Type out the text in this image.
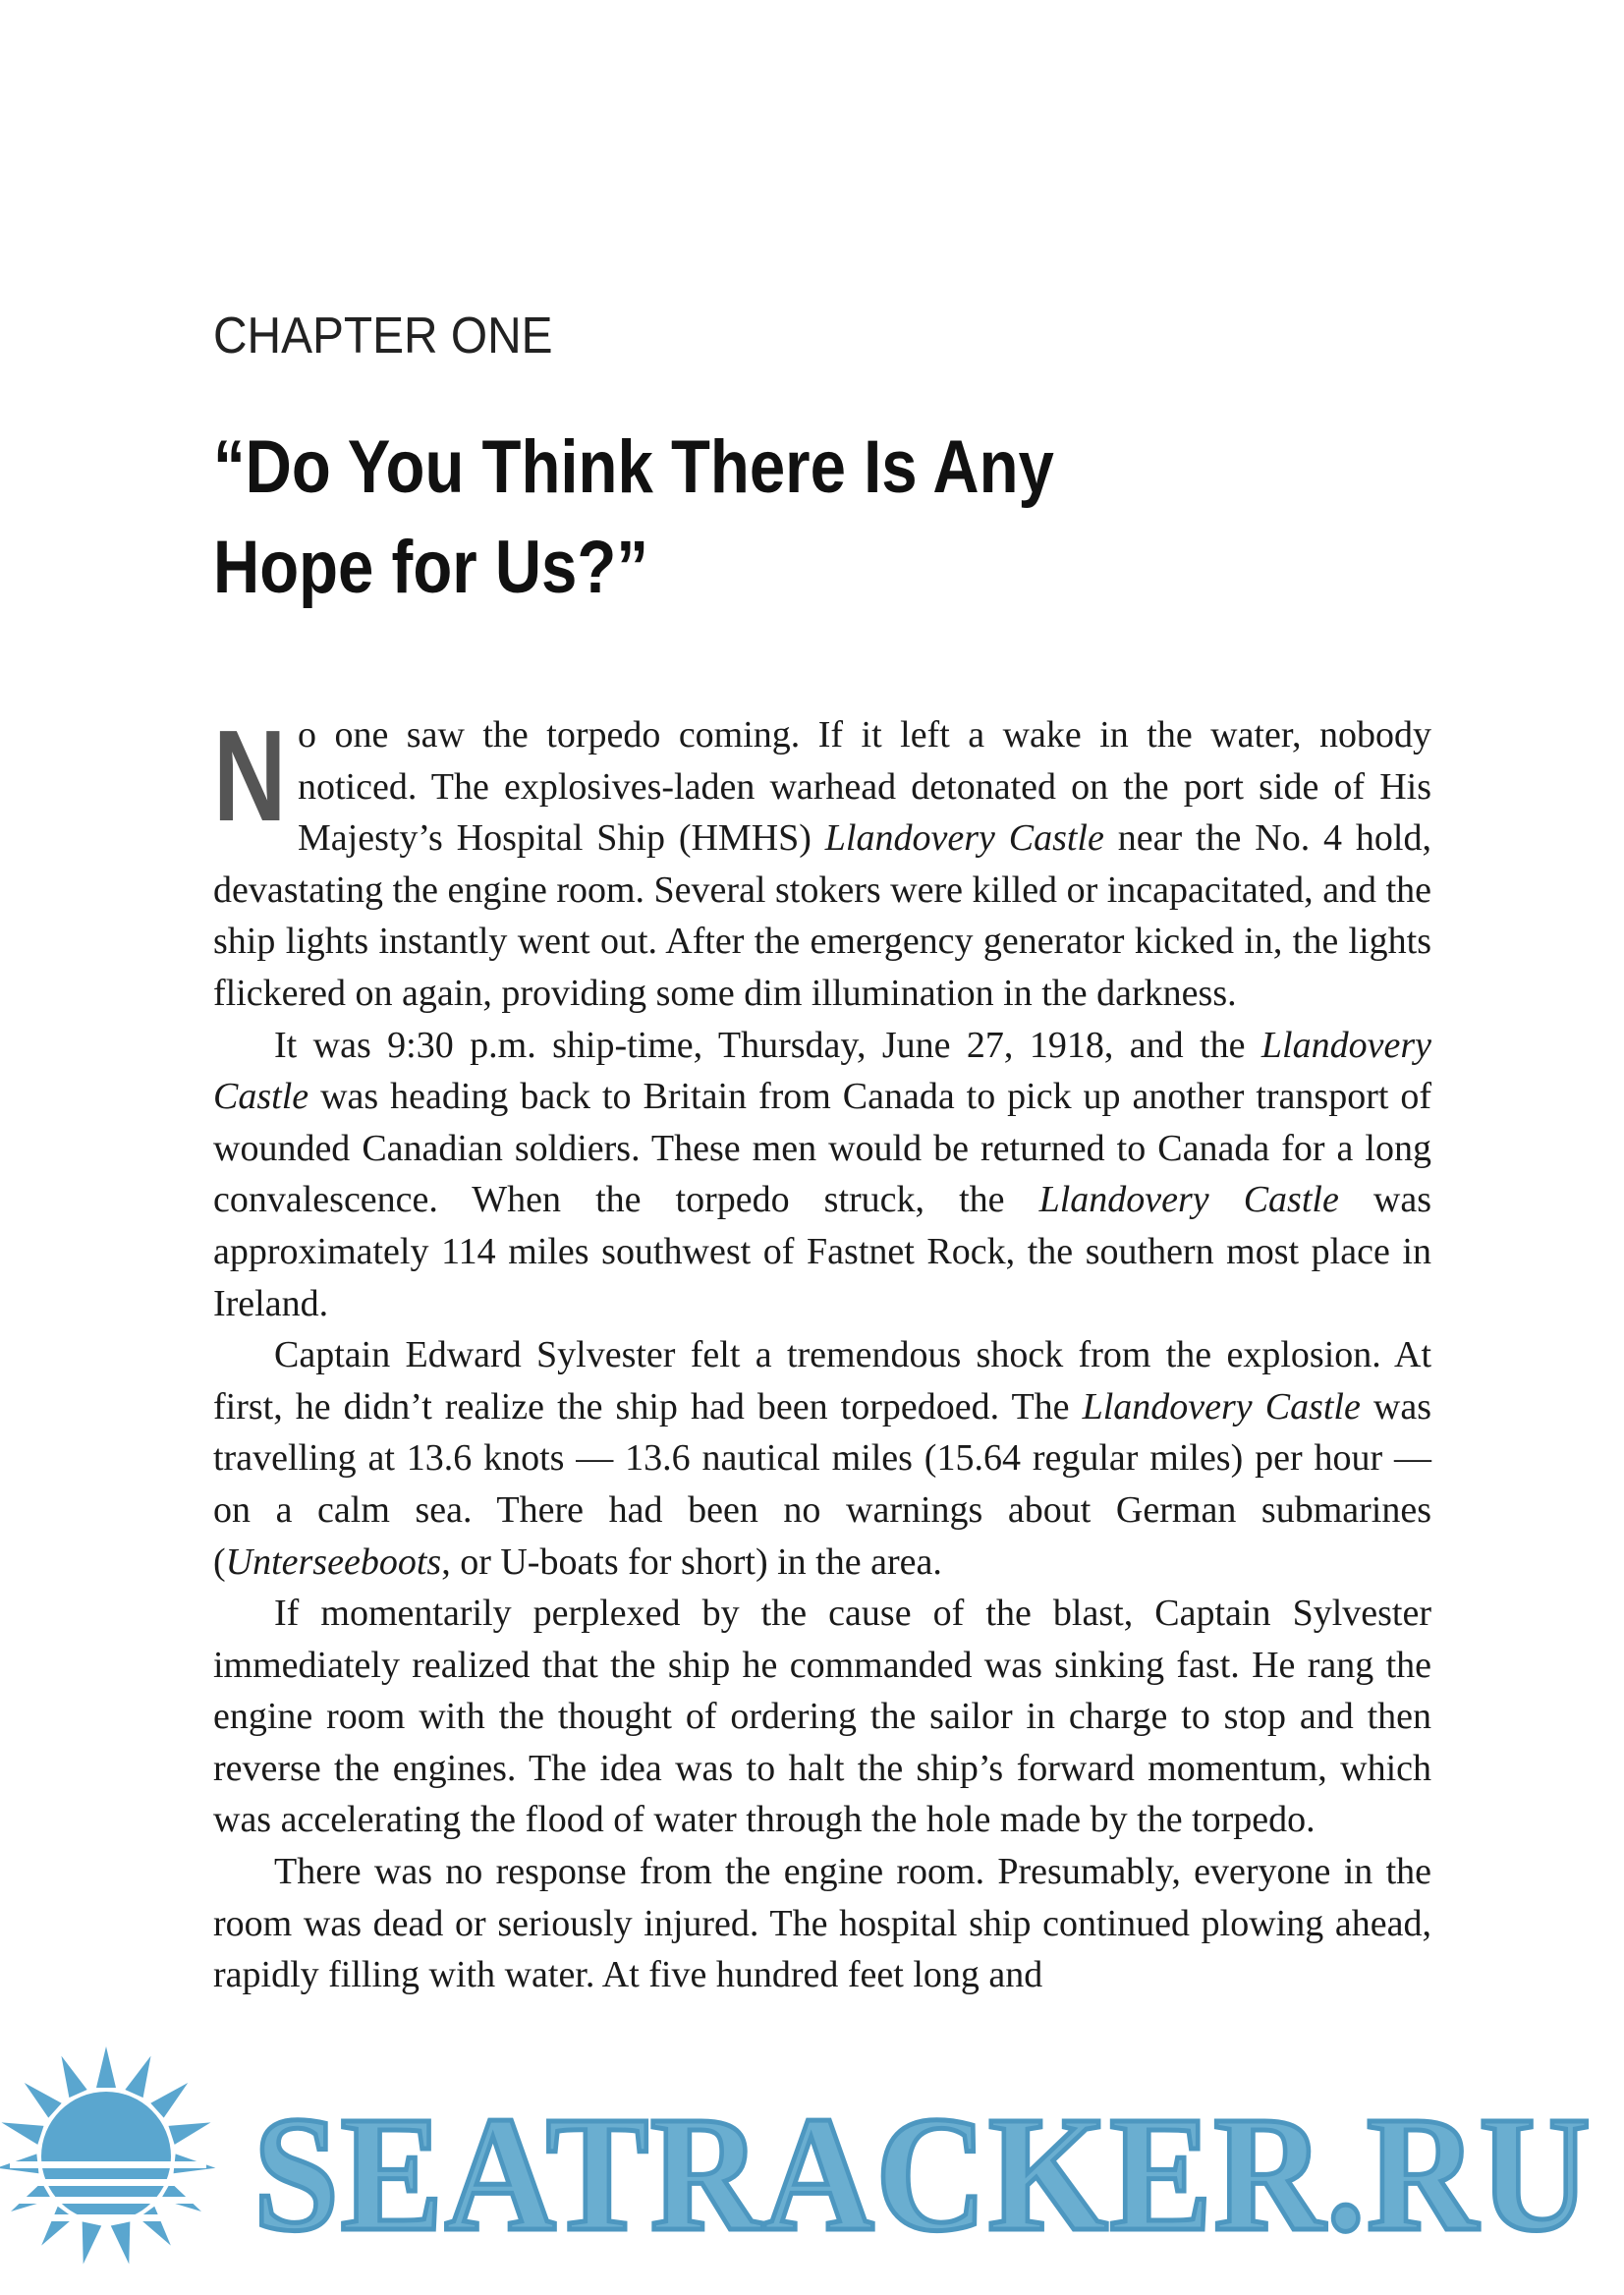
CHAPTER ONE
“Do You Think There Is Any Hope for Us?”

No one saw the torpedo coming. If it left a wake in the water, nobody noticed. The explosives-laden warhead detonated on the port side of His Majesty’s Hospital Ship (HMHS) Llandovery Castle near the No. 4 hold, devastating the engine room. Several stokers were killed or incapacitated, and the ship lights instantly went out. After the emergency generator kicked in, the lights flickered on again, providing some dim illumination in the darkness.

It was 9:30 p.m. ship-time, Thursday, June 27, 1918, and the Llandovery Castle was heading back to Britain from Canada to pick up another transport of wounded Canadian soldiers. These men would be returned to Canada for a long convalescence. When the torpedo struck, the Llandovery Castle was approximately 114 miles southwest of Fastnet Rock, the southern most place in Ireland.

Captain Edward Sylvester felt a tremendous shock from the explosion. At first, he didn’t realize the ship had been torpedoed. The Llandovery Castle was travelling at 13.6 knots — 13.6 nautical miles (15.64 regular miles) per hour — on a calm sea. There had been no warnings about German submarines (Unterseeboots, or U-boats for short) in the area.

If momentarily perplexed by the cause of the blast, Captain Sylvester immediately realized that the ship he commanded was sinking fast. He rang the engine room with the thought of ordering the sailor in charge to stop and then reverse the engines. The idea was to halt the ship’s forward momentum, which was accelerating the flood of water through the hole made by the torpedo.

There was no response from the engine room. Presumably, everyone in the room was dead or seriously injured. The hospital ship continued plowing ahead, rapidly filling with water. At five hundred feet long and

SEATRACKER.RU
